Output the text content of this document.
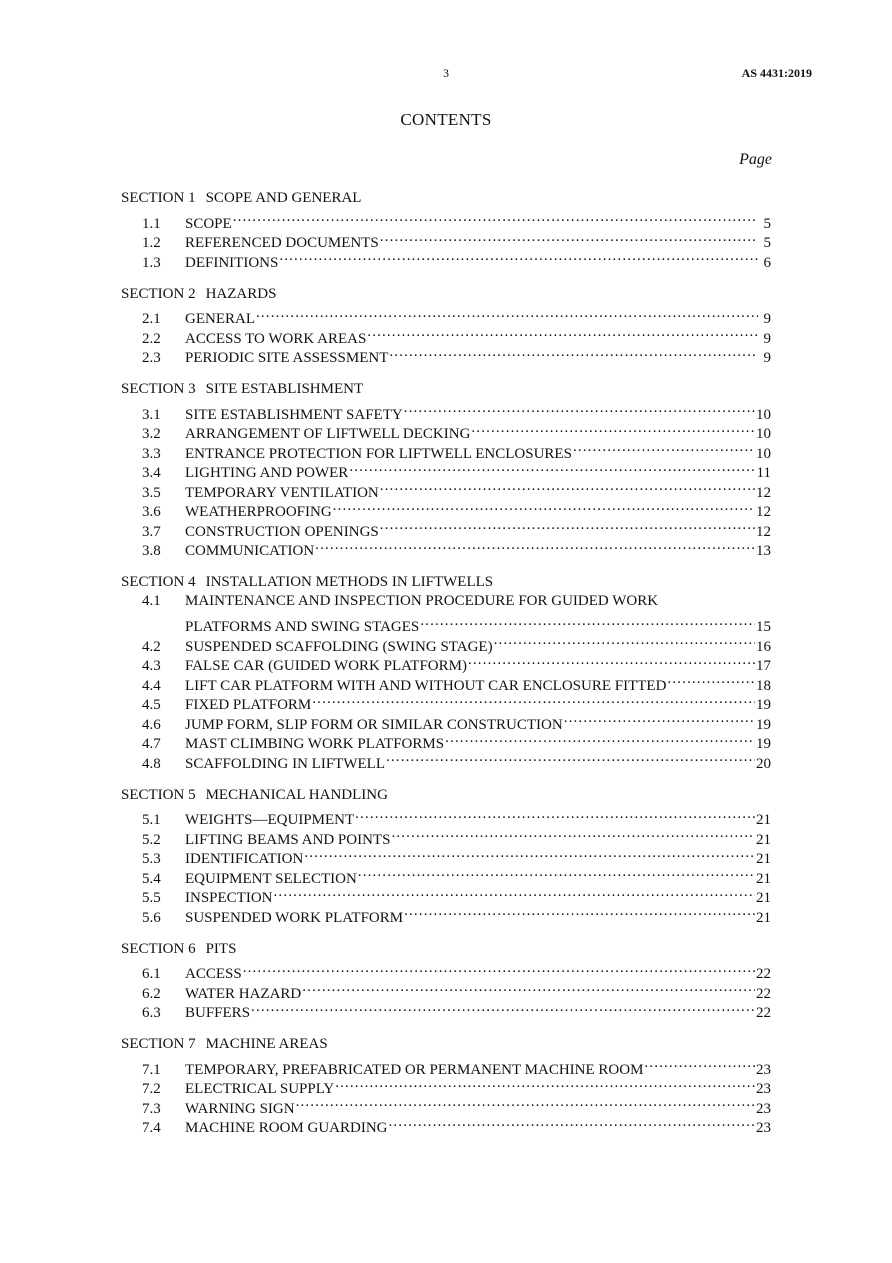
3	AS 4431:2019
CONTENTS
Page
SECTION 1 SCOPE AND GENERAL
1.1	SCOPE . . .	5
1.2	REFERENCED DOCUMENTS . . .	5
1.3	DEFINITIONS . . .	6
SECTION 2 HAZARDS
2.1	GENERAL . . .	9
2.2	ACCESS TO WORK AREAS . . .	9
2.3	PERIODIC SITE ASSESSMENT . . .	9
SECTION 3 SITE ESTABLISHMENT
3.1	SITE ESTABLISHMENT SAFETY . . .	10
3.2	ARRANGEMENT OF LIFTWELL DECKING . . .	10
3.3	ENTRANCE PROTECTION FOR LIFTWELL ENCLOSURES . . .	10
3.4	LIGHTING AND POWER . . .	11
3.5	TEMPORARY VENTILATION . . .	12
3.6	WEATHERPROOFING . . .	12
3.7	CONSTRUCTION OPENINGS . . .	12
3.8	COMMUNICATION . . .	13
SECTION 4 INSTALLATION METHODS IN LIFTWELLS
4.1	MAINTENANCE AND INSPECTION PROCEDURE FOR GUIDED WORK
PLATFORMS AND SWING STAGES . . .	15
4.2	SUSPENDED SCAFFOLDING (SWING STAGE) . . .	16
4.3	FALSE CAR (GUIDED WORK PLATFORM) . . .	17
4.4	LIFT CAR PLATFORM WITH AND WITHOUT CAR ENCLOSURE FITTED . . .	18
4.5	FIXED PLATFORM . . .	19
4.6	JUMP FORM, SLIP FORM OR SIMILAR CONSTRUCTION . . .	19
4.7	MAST CLIMBING WORK PLATFORMS . . .	19
4.8	SCAFFOLDING IN LIFTWELL . . .	20
SECTION 5 MECHANICAL HANDLING
5.1	WEIGHTS—EQUIPMENT . . .	21
5.2	LIFTING BEAMS AND POINTS . . .	21
5.3	IDENTIFICATION . . .	21
5.4	EQUIPMENT SELECTION . . .	21
5.5	INSPECTION . . .	21
5.6	SUSPENDED WORK PLATFORM . . .	21
SECTION 6 PITS
6.1	ACCESS . . .	22
6.2	WATER HAZARD . . .	22
6.3	BUFFERS . . .	22
SECTION 7 MACHINE AREAS
7.1	TEMPORARY, PREFABRICATED OR PERMANENT MACHINE ROOM . . .	23
7.2	ELECTRICAL SUPPLY . . .	23
7.3	WARNING SIGN . . .	23
7.4	MACHINE ROOM GUARDING . . .	23
